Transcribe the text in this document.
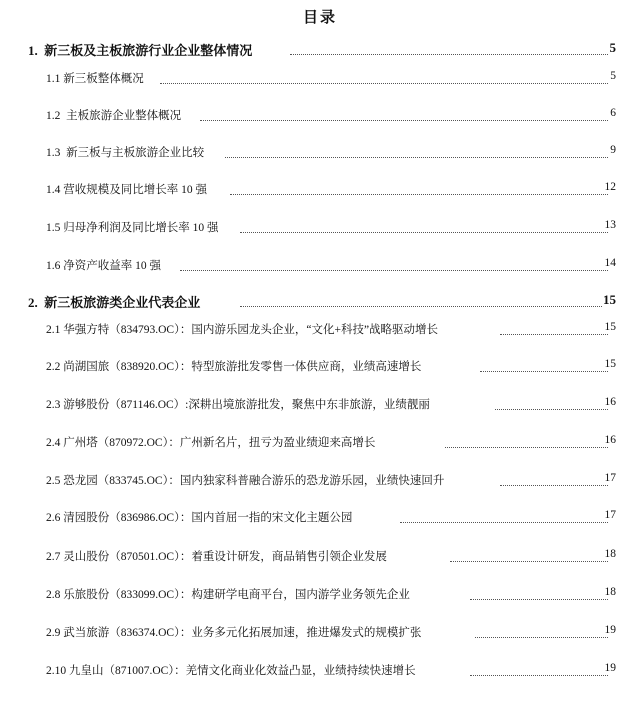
目录
1. 新三板及主板旅游行业企业整体情况	5
1.1 新三板整体概况	5
1.2 主板旅游企业整体概况	6
1.3 新三板与主板旅游企业比较	9
1.4 营收规模及同比增长率 10 强	12
1.5 归母净利润及同比增长率 10 强	13
1.6 净资产收益率 10 强	14
2. 新三板旅游类企业代表企业	15
2.1 华强方特（834793.OC）：国内游乐园龙头企业，“文化+科技”战略驱动增长	15
2.2 尚湖国旅（838920.OC）：特型旅游批发零售一体供应商，业绩高速增长	15
2.3 游够股份（871146.OC）:深耕出境旅游批发，聚焦中东非旅游，业绩靓丽	16
2.4 广州塔（870972.OC）：广州新名片，扭亏为盈业绩迎来高增长	16
2.5 恐龙园（833745.OC）：国内独家科普融合游乐的恐龙游乐园，业绩快速回升	17
2.6 清园股份（836986.OC）：国内首屈一指的宋文化主题公园	17
2.7 灵山股份（870501.OC）：着重设计研发，商品销售引领企业发展	18
2.8 乐旅股份（833099.OC）：构建研学电商平台，国内游学业务领先企业	18
2.9 武当旅游（836374.OC）：业务多元化拓展加速，推进爆发式的规模扩张	19
2.10 九皇山（871007.OC）：羌情文化商业化效益凸显，业绩持续快速增长	19
